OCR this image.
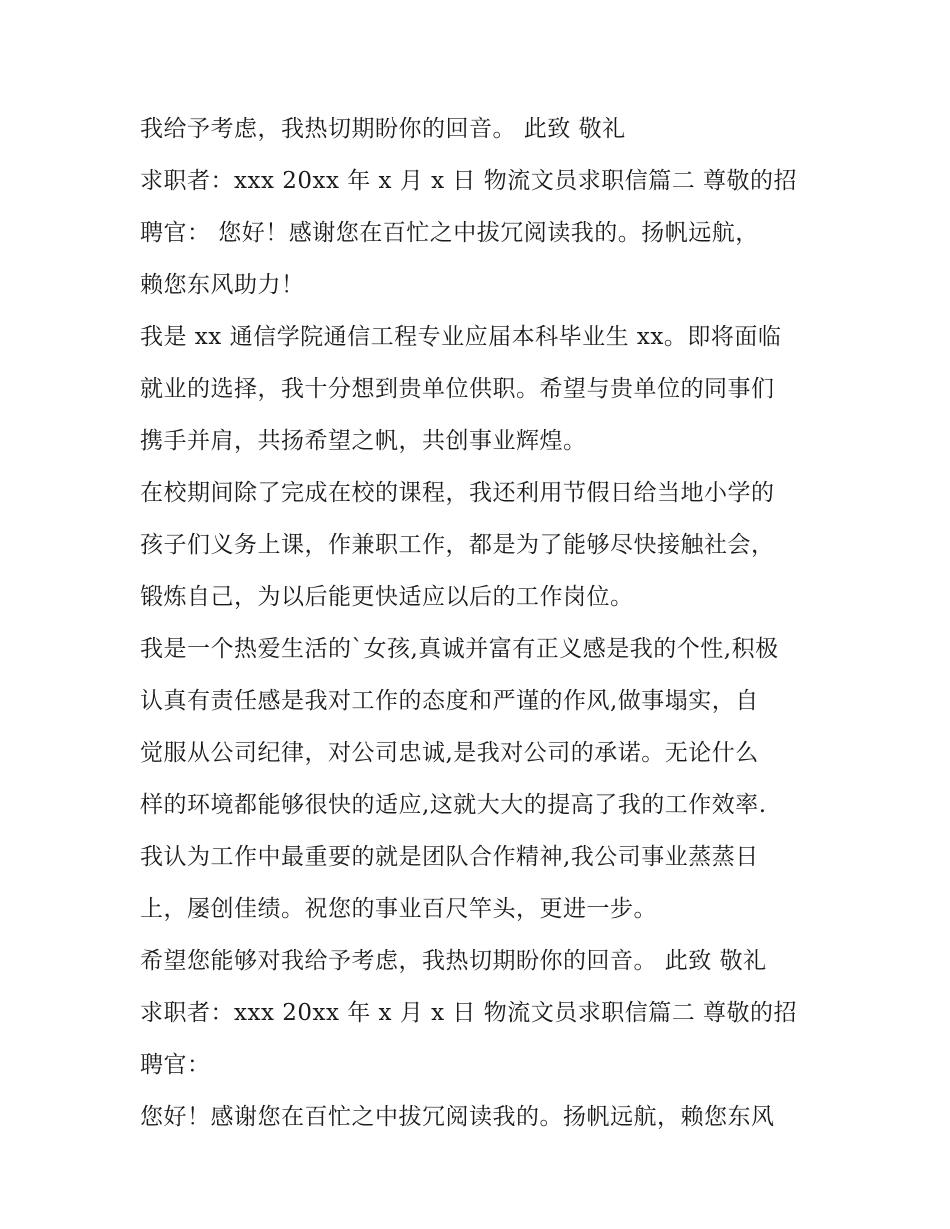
我给予考虑，我热切期盼你的回音。 此致 敬礼
求职者：xxx 20xx 年 x 月 x 日 物流文员求职信篇二 尊敬的招
聘官： 您好！感谢您在百忙之中拔冗阅读我的。扬帆远航，
赖您东风助力！
我是 xx 通信学院通信工程专业应届本科毕业生 xx。即将面临
就业的选择，我十分想到贵单位供职。希望与贵单位的同事们
携手并肩，共扬希望之帆，共创事业辉煌。
在校期间除了完成在校的课程，我还利用节假日给当地小学的
孩子们义务上课，作兼职工作，都是为了能够尽快接触社会，
锻炼自己，为以后能更快适应以后的工作岗位。
我是一个热爱生活的`女孩,真诚并富有正义感是我的个性,积极
认真有责任感是我对工作的态度和严谨的作风,做事塌实，自
觉服从公司纪律，对公司忠诚,是我对公司的承诺。无论什么
样的环境都能够很快的适应,这就大大的提高了我的工作效率.
我认为工作中最重要的就是团队合作精神,我公司事业蒸蒸日
上，屡创佳绩。祝您的事业百尺竿头，更进一步。
希望您能够对我给予考虑，我热切期盼你的回音。 此致 敬礼
求职者：xxx 20xx 年 x 月 x 日 物流文员求职信篇二 尊敬的招
聘官：
您好！感谢您在百忙之中拔冗阅读我的。扬帆远航，赖您东风
